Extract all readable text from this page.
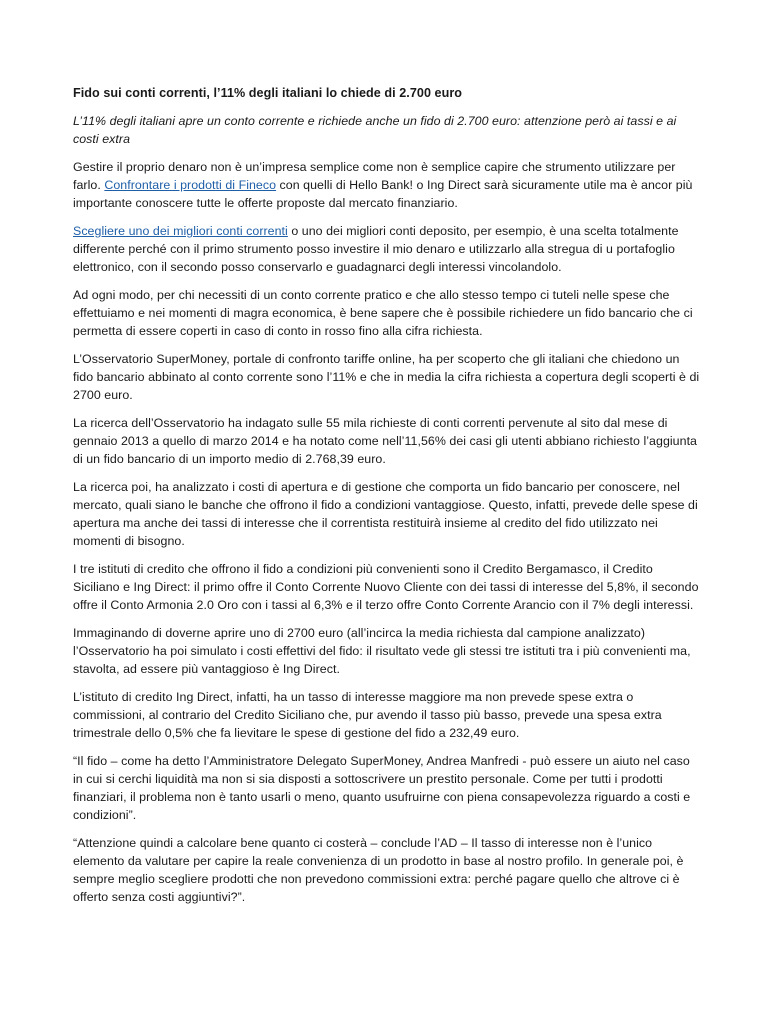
Fido sui conti correnti, l’11% degli italiani lo chiede di 2.700 euro

L’11% degli italiani apre un conto corrente e richiede anche un fido di 2.700 euro: attenzione però ai tassi e ai costi extra

Gestire il proprio denaro non è un’impresa semplice come non è semplice capire che strumento utilizzare per farlo. Confrontare i prodotti di Fineco con quelli di Hello Bank! o Ing Direct sarà sicuramente utile ma è ancor più importante conoscere tutte le offerte proposte dal mercato finanziario.

Scegliere uno dei migliori conti correnti o uno dei migliori conti deposito, per esempio, è una scelta totalmente differente perché con il primo strumento posso investire il mio denaro e utilizzarlo alla stregua di u portafoglio elettronico, con il secondo posso conservarlo e guadagnarci degli interessi vincolandolo.

Ad ogni modo, per chi necessiti di un conto corrente pratico e che allo stesso tempo ci tuteli nelle spese che effettuiamo e nei momenti di magra economica, è bene sapere che è possibile richiedere un fido bancario che ci permetta di essere coperti in caso di conto in rosso fino alla cifra richiesta.

L’Osservatorio SuperMoney, portale di confronto tariffe online, ha per scoperto che gli italiani che chiedono un fido bancario abbinato al conto corrente sono l’11% e che in media la cifra richiesta a copertura degli scoperti è di 2700 euro.

La ricerca dell’Osservatorio ha indagato sulle 55 mila richieste di conti correnti pervenute al sito dal mese di gennaio 2013 a quello di marzo 2014 e ha notato come nell’11,56% dei casi gli utenti abbiano richiesto l’aggiunta di un fido bancario di un importo medio di 2.768,39 euro.

La ricerca poi, ha analizzato i costi di apertura e di gestione che comporta un fido bancario per conoscere, nel mercato, quali siano le banche che offrono il fido a condizioni vantaggiose. Questo, infatti, prevede delle spese di apertura ma anche dei tassi di interesse che il correntista restituirà insieme al credito del fido utilizzato nei momenti di bisogno.

I tre istituti di credito che offrono il fido a condizioni più convenienti sono il Credito Bergamasco, il Credito Siciliano e Ing Direct: il primo offre il Conto Corrente Nuovo Cliente con dei tassi di interesse del 5,8%, il secondo offre il Conto Armonia 2.0 Oro con i tassi al 6,3% e il terzo offre Conto Corrente Arancio con il 7% degli interessi.

Immaginando di doverne aprire uno di 2700 euro (all’incirca la media richiesta dal campione analizzato) l’Osservatorio ha poi simulato i costi effettivi del fido: il risultato vede gli stessi tre istituti tra i più convenienti ma, stavolta, ad essere più vantaggioso è Ing Direct.

L’istituto di credito Ing Direct, infatti, ha un tasso di interesse maggiore ma non prevede spese extra o commissioni, al contrario del Credito Siciliano che, pur avendo il tasso più basso, prevede una spesa extra trimestrale dello 0,5% che fa lievitare le spese di gestione del fido a 232,49 euro.

“Il fido – come ha detto l’Amministratore Delegato SuperMoney, Andrea Manfredi - può essere un aiuto nel caso in cui si cerchi liquidità ma non si sia disposti a sottoscrivere un prestito personale. Come per tutti i prodotti finanziari, il problema non è tanto usarli o meno, quanto usufruirne con piena consapevolezza riguardo a costi e condizioni”.

“Attenzione quindi a calcolare bene quanto ci costerà – conclude l’AD – Il tasso di interesse non è l’unico elemento da valutare per capire la reale convenienza di un prodotto in base al nostro profilo. In generale poi, è sempre meglio scegliere prodotti che non prevedono commissioni extra: perché pagare quello che altrove ci è offerto senza costi aggiuntivi?”.
